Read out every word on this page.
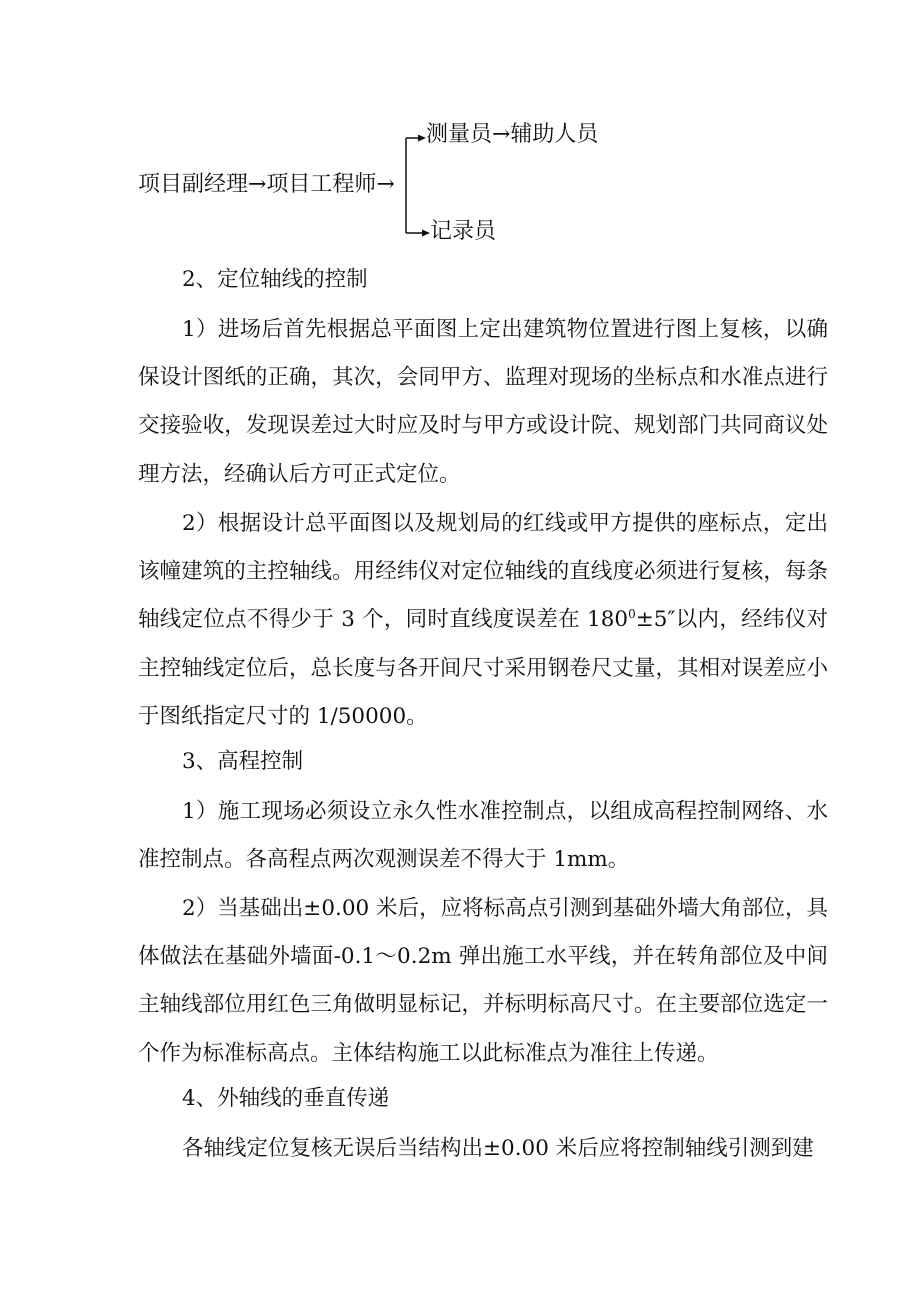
项目副经理→项目工程师→
测量员→辅助人员
记录员

2、定位轴线的控制

1）进场后首先根据总平面图上定出建筑物位置进行图上复核，以确保设计图纸的正确，其次，会同甲方、监理对现场的坐标点和水准点进行交接验收，发现误差过大时应及时与甲方或设计院、规划部门共同商议处理方法，经确认后方可正式定位。

2）根据设计总平面图以及规划局的红线或甲方提供的座标点，定出该幢建筑的主控轴线。用经纬仪对定位轴线的直线度必须进行复核，每条轴线定位点不得少于 3 个，同时直线度误差在 $180^0\pm 5''$以内，经纬仪对主控轴线定位后，总长度与各开间尺寸采用钢卷尺丈量，其相对误差应小于图纸指定尺寸的 1/50000。

3、高程控制

1）施工现场必须设立永久性水准控制点，以组成高程控制网络、水准控制点。各高程点两次观测误差不得大于 1mm。

2）当基础出±0.00 米后，应将标高点引测到基础外墙大角部位，具体做法在基础外墙面-0.1～0.2m 弹出施工水平线，并在转角部位及中间主轴线部位用红色三角做明显标记，并标明标高尺寸。在主要部位选定一个作为标准标高点。主体结构施工以此标准点为准往上传递。

4、外轴线的垂直传递

各轴线定位复核无误后当结构出±0.00 米后应将控制轴线引测到建
